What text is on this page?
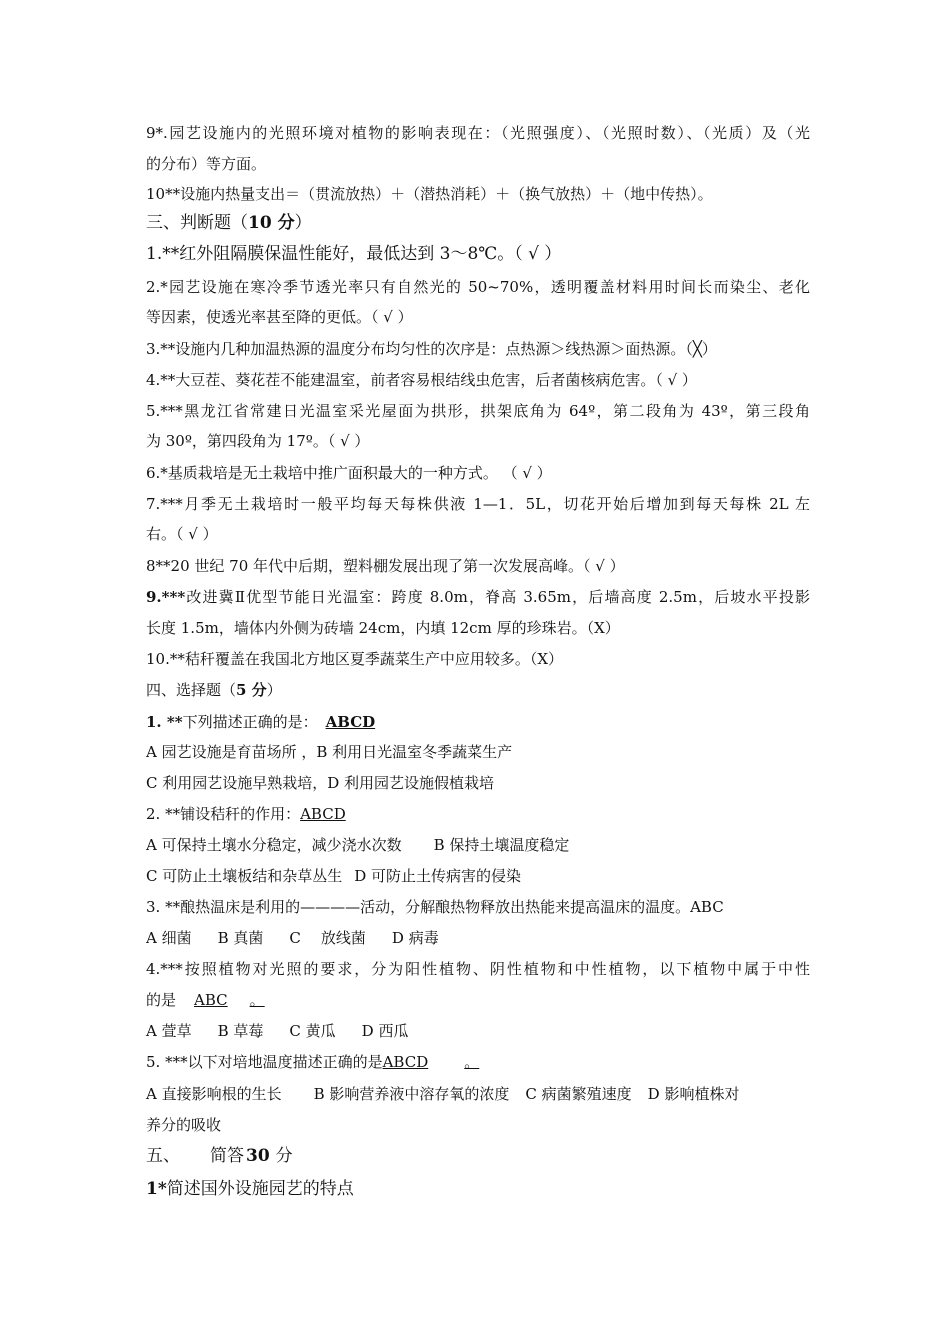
9*.园艺设施内的光照环境对植物的影响表现在：（光照强度）、（光照时数）、（光质）及（光
的分布）等方面。
10**设施内热量支出＝（贯流放热）＋（潜热消耗）＋（换气放热）＋（地中传热）。
三、判断题（10 分）
1.**红外阻隔膜保温性能好，最低达到 3～8℃。（ √ ）
2.*园艺设施在寒冷季节透光率只有自然光的 50~70%，透明覆盖材料用时间长而染尘、老化
等因素，使透光率甚至降的更低。（ √ ）
3.**设施内几种加温热源的温度分布均匀性的次序是：点热源＞线热源＞面热源。（╳）
4.**大豆茬、葵花茬不能建温室，前者容易根结线虫危害，后者菌核病危害。（ √ ）
5.***黑龙江省常建日光温室采光屋面为拱形，拱架底角为 64º，第二段角为 43º，第三段角
为 30º，第四段角为 17º。（ √ ）
6.*基质栽培是无土栽培中推广面积最大的一种方式。 （ √ ）
7.***月季无土栽培时一般平均每天每株供液 1—1．5L，切花开始后增加到每天每株 2L 左
右。（ √ ）
8**20 世纪 70 年代中后期，塑料棚发展出现了第一次发展高峰。（ √ ）
9.***改进冀Ⅱ优型节能日光温室：跨度 8.0m，脊高 3.65m，后墙高度 2.5m，后坡水平投影
长度 1.5m，墙体内外侧为砖墙 24cm，内填 12cm 厚的珍珠岩。（X）
10.**秸秆覆盖在我国北方地区夏季蔬菜生产中应用较多。（X）
四、选择题（5 分）
1. **下列描述正确的是： ABCD
A 园艺设施是育苗场所 ，B 利用日光温室冬季蔬菜生产
C 利用园艺设施早熟栽培，D 利用园艺设施假植栽培
2. **铺设秸秆的作用：ABCD
A 可保持土壤水分稳定，减少浇水次数 B 保持土壤温度稳定
C 可防止土壤板结和杂草丛生 D 可防止土传病害的侵染
3. **酿热温床是利用的————活动，分解酿热物释放出热能来提高温床的温度。ABC
A 细菌 B 真菌 C 放线菌 D 病毒
4.***按照植物对光照的要求，分为阳性植物、阴性植物和中性植物，以下植物中属于中性
的是 ABC 。
A 萱草 B 草莓 C 黄瓜 D 西瓜
5. ***以下对培地温度描述正确的是ABCD 。
A 直接影响根的生长 B 影响营养液中溶存氧的浓度 C 病菌繁殖速度 D 影响植株对
养分的吸收
五、 简答 30 分
1*简述国外设施园艺的特点
